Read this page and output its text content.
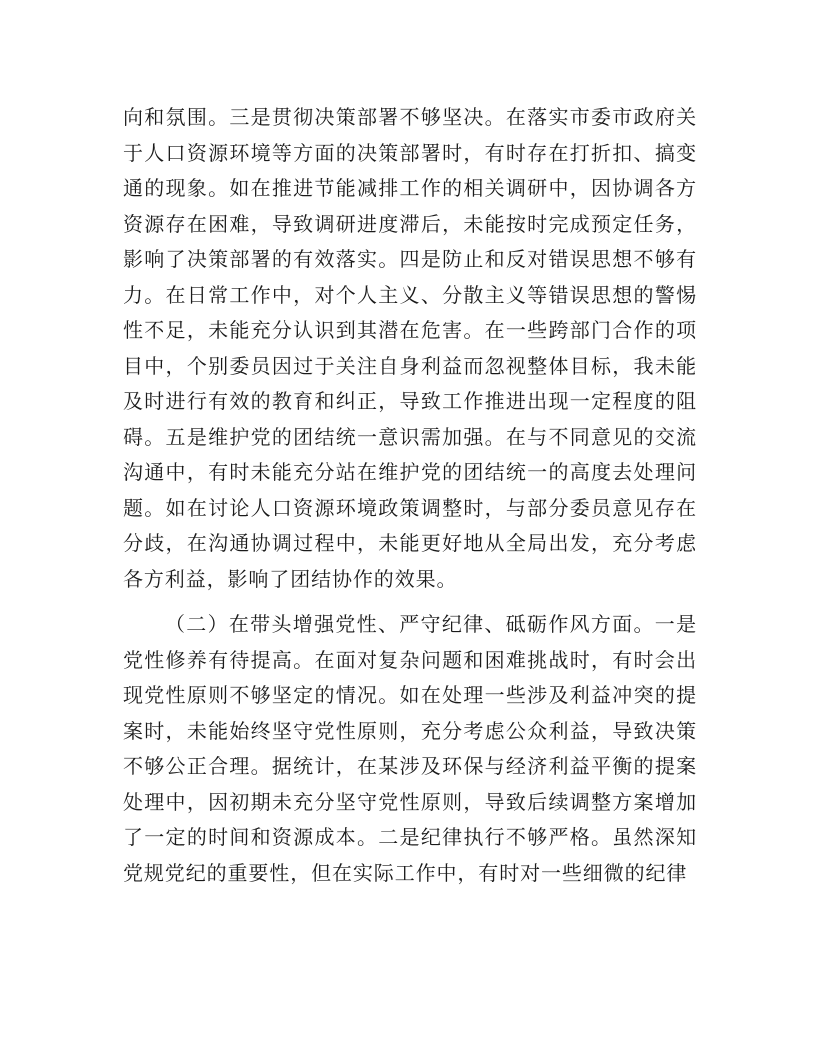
向和氛围。三是贯彻决策部署不够坚决。在落实市委市政府关于人口资源环境等方面的决策部署时，有时存在打折扣、搞变通的现象。如在推进节能减排工作的相关调研中，因协调各方资源存在困难，导致调研进度滞后，未能按时完成预定任务，影响了决策部署的有效落实。四是防止和反对错误思想不够有力。在日常工作中，对个人主义、分散主义等错误思想的警惕性不足，未能充分认识到其潜在危害。在一些跨部门合作的项目中，个别委员因过于关注自身利益而忽视整体目标，我未能及时进行有效的教育和纠正，导致工作推进出现一定程度的阻碍。五是维护党的团结统一意识需加强。在与不同意见的交流沟通中，有时未能充分站在维护党的团结统一的高度去处理问题。如在讨论人口资源环境政策调整时，与部分委员意见存在分歧，在沟通协调过程中，未能更好地从全局出发，充分考虑各方利益，影响了团结协作的效果。

（二）在带头增强党性、严守纪律、砥砺作风方面。一是党性修养有待提高。在面对复杂问题和困难挑战时，有时会出现党性原则不够坚定的情况。如在处理一些涉及利益冲突的提案时，未能始终坚守党性原则，充分考虑公众利益，导致决策不够公正合理。据统计，在某涉及环保与经济利益平衡的提案处理中，因初期未充分坚守党性原则，导致后续调整方案增加了一定的时间和资源成本。二是纪律执行不够严格。虽然深知党规党纪的重要性，但在实际工作中，有时对一些细微的纪律
